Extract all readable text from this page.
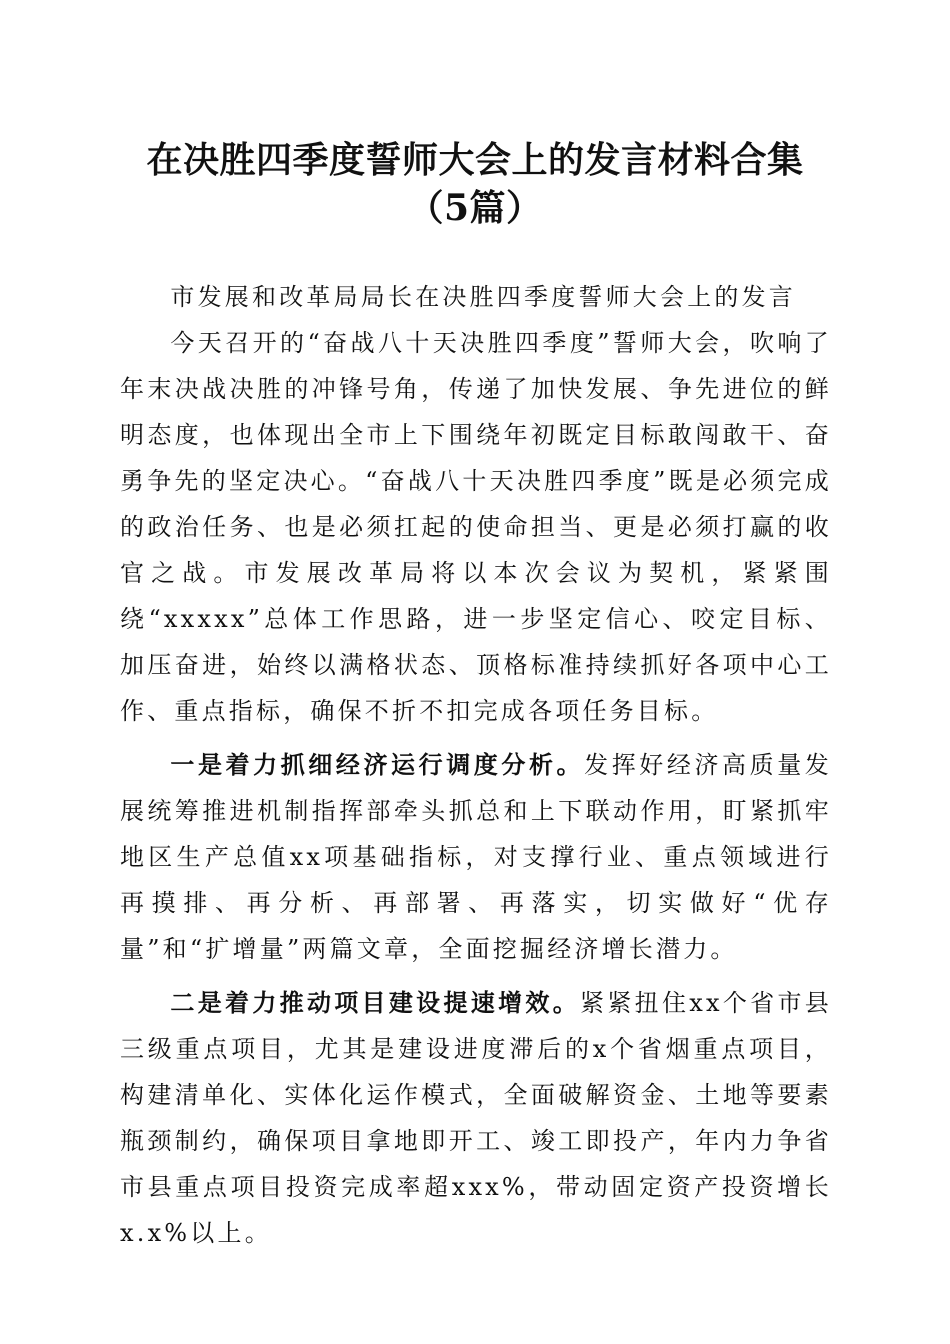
在决胜四季度誓师大会上的发言材料合集（5篇）

市发展和改革局局长在决胜四季度誓师大会上的发言

今天召开的“奋战八十天决胜四季度”誓师大会，吹响了年末决战决胜的冲锋号角，传递了加快发展、争先进位的鲜明态度，也体现出全市上下围绕年初既定目标敢闯敢干、奋勇争先的坚定决心。“奋战八十天决胜四季度”既是必须完成的政治任务、也是必须扛起的使命担当、更是必须打赢的收官之战。市发展改革局将以本次会议为契机，紧紧围绕“xxxxx”总体工作思路，进一步坚定信心、咬定目标、加压奋进，始终以满格状态、顶格标准持续抓好各项中心工作、重点指标，确保不折不扣完成各项任务目标。

一是着力抓细经济运行调度分析。发挥好经济高质量发展统筹推进机制指挥部牵头抓总和上下联动作用，盯紧抓牢地区生产总值xx项基础指标，对支撑行业、重点领域进行再摸排、再分析、再部署、再落实，切实做好“优存量”和“扩增量”两篇文章，全面挖掘经济增长潜力。

二是着力推动项目建设提速增效。紧紧扭住xx个省市县三级重点项目，尤其是建设进度滞后的x个省烟重点项目，构建清单化、实体化运作模式，全面破解资金、土地等要素瓶颈制约，确保项目拿地即开工、竣工即投产，年内力争省市县重点项目投资完成率超xxx%，带动固定资产投资增长x.x%以上。
